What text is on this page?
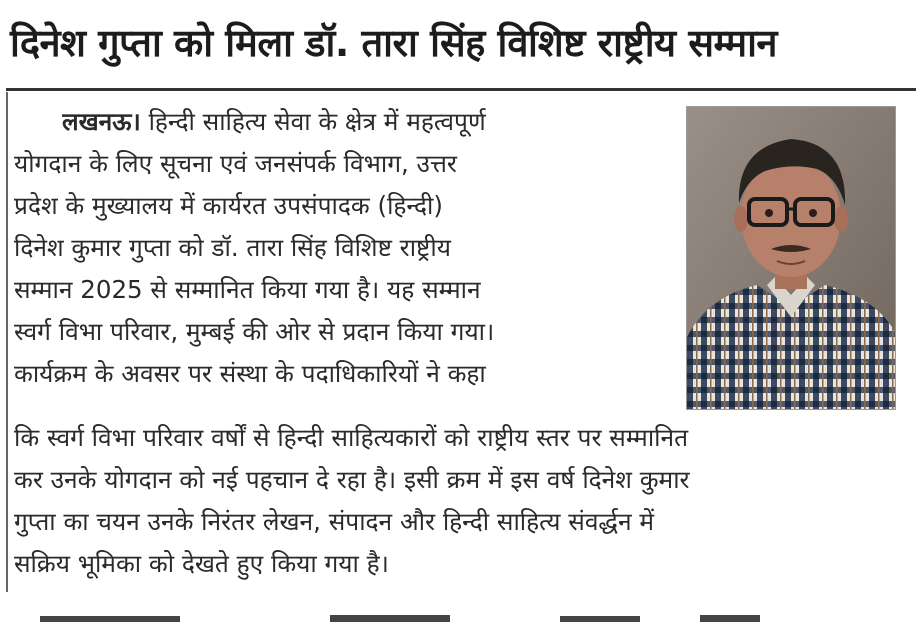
दिनेश गुप्ता को मिला डॉ. तारा सिंह विशिष्ट राष्ट्रीय सम्मान
लखनऊ। हिन्दी साहित्य सेवा के क्षेत्र में महत्वपूर्ण
योगदान के लिए सूचना एवं जनसंपर्क विभाग, उत्तर
प्रदेश के मुख्यालय में कार्यरत उपसंपादक (हिन्दी)
दिनेश कुमार गुप्ता को डॉ. तारा सिंह विशिष्ट राष्ट्रीय
सम्मान 2025 से सम्मानित किया गया है। यह सम्मान
स्वर्ग विभा परिवार, मुम्बई की ओर से प्रदान किया गया।
कार्यक्रम के अवसर पर संस्था के पदाधिकारियों ने कहा
कि स्वर्ग विभा परिवार वर्षों से हिन्दी साहित्यकारों को राष्ट्रीय स्तर पर सम्मानित
कर उनके योगदान को नई पहचान दे रहा है। इसी क्रम में इस वर्ष दिनेश कुमार
गुप्ता का चयन उनके निरंतर लेखन, संपादन और हिन्दी साहित्य संवर्द्धन में
सक्रिय भूमिका को देखते हुए किया गया है।
